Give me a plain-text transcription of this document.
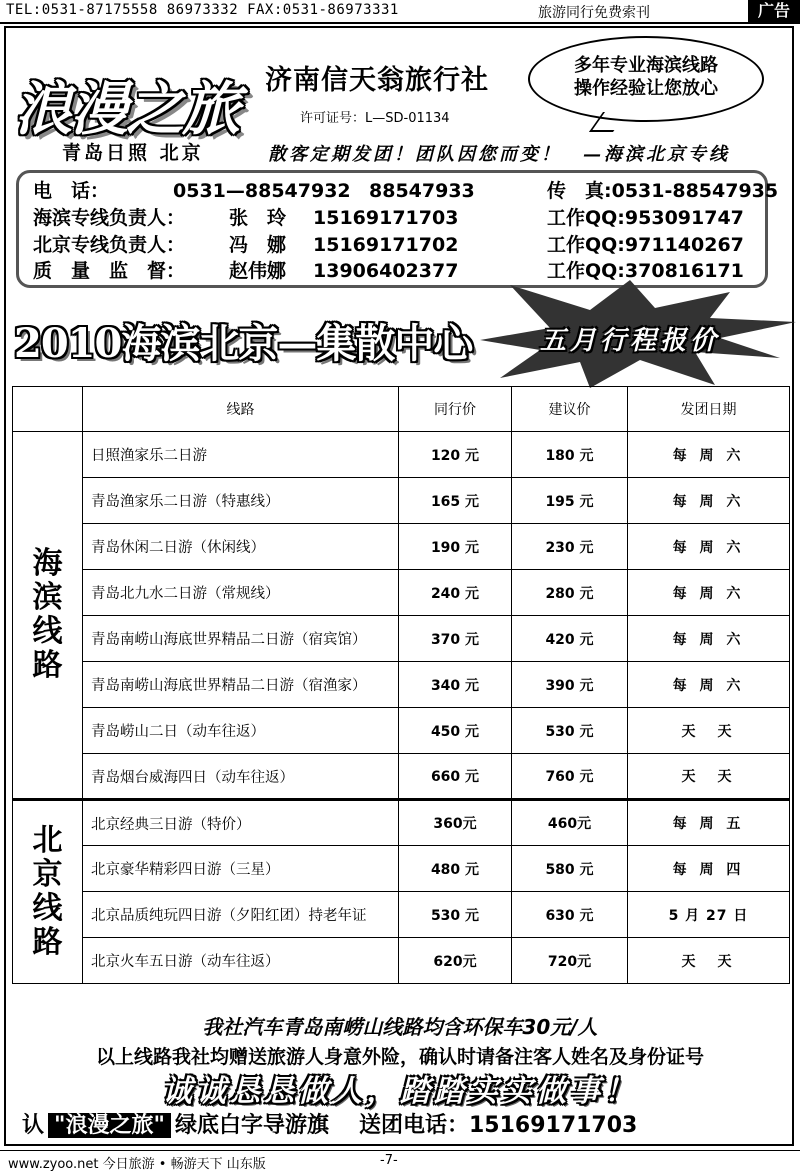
TEL:0531-87175558 86973332 FAX:0531-86973331	旅游同行免费索刊	广告
浪漫之旅 济南信天翁旅行社
许可证号：L—SD-01134
多年专业海滨线路
操作经验让您放心
青岛日照 北京	散客定期发团！团队因您而变！　—海滨北京专线
电　话：	0531—88547932 88547933	传　真:0531-88547935
海滨专线负责人： 张　玲 15169171703	工作QQ:953091747
北京专线负责人： 冯　娜 15169171702	工作QQ:971140267
质　量　监　督： 赵伟娜 13906402377	工作QQ:370816171
2010海滨北京—集散中心	五月行程报价
	线路	同行价	建议价	发团日期

海滨线路	日照渔家乐二日游	120 元	180 元	每 周 六
	青岛渔家乐二日游（特惠线）	165 元	195 元	每 周 六
	青岛休闲二日游（休闲线）	190 元	230 元	每 周 六
	青岛北九水二日游（常规线）	240 元	280 元	每 周 六
	青岛南崂山海底世界精品二日游（宿宾馆）	370 元	420 元	每 周 六
	青岛南崂山海底世界精品二日游（宿渔家）	340 元	390 元	每 周 六
	青岛崂山二日（动车往返）	450 元	530 元	天　天
	青岛烟台威海四日（动车往返）	660 元	760 元	天　天

北京线路	北京经典三日游（特价）	360元	460元	每 周 五
	北京豪华精彩四日游（三星）	480 元	580 元	每 周 四
	北京品质纯玩四日游（夕阳红团）持老年证	530 元	630 元	5 月 27 日
	北京火车五日游（动车往返）	620元	720元	天　天
我社汽车青岛南崂山线路均含环保车30元/人
以上线路我社均赠送旅游人身意外险，确认时请备注客人姓名及身份证号
诚诚恳恳做人，踏踏实实做事！
认 "浪漫之旅" 绿底白字导游旗 送团电话：15169171703
www.zyoo.net 今日旅游 • 畅游天下 山东版	-7-
